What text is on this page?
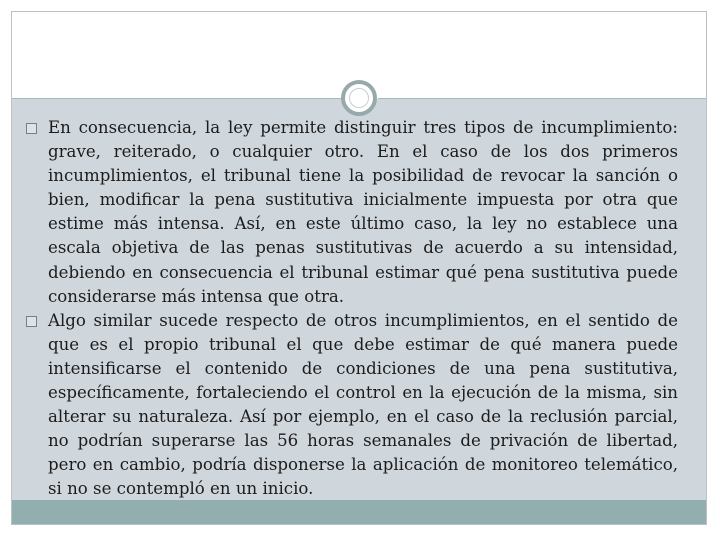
En consecuencia, la ley permite distinguir tres tipos de incumplimiento: grave, reiterado, o cualquier otro. En el caso de los dos primeros incumplimientos, el tribunal tiene la posibilidad de revocar la sanción o bien, modificar la pena sustitutiva inicialmente impuesta por otra que estime más intensa. Así, en este último caso, la ley no establece una escala objetiva de las penas sustitutivas de acuerdo a su intensidad, debiendo en consecuencia el tribunal estimar qué pena sustitutiva puede considerarse más intensa que otra.
Algo similar sucede respecto de otros incumplimientos, en el sentido de que es el propio tribunal el que debe estimar de qué manera puede intensificarse el contenido de condiciones de una pena sustitutiva, específicamente, fortaleciendo el control en la ejecución de la misma, sin alterar su naturaleza. Así por ejemplo, en el caso de la reclusión parcial, no podrían superarse las 56 horas semanales de privación de libertad, pero en cambio, podría disponerse la aplicación de monitoreo telemático, si no se contempló en un inicio.
